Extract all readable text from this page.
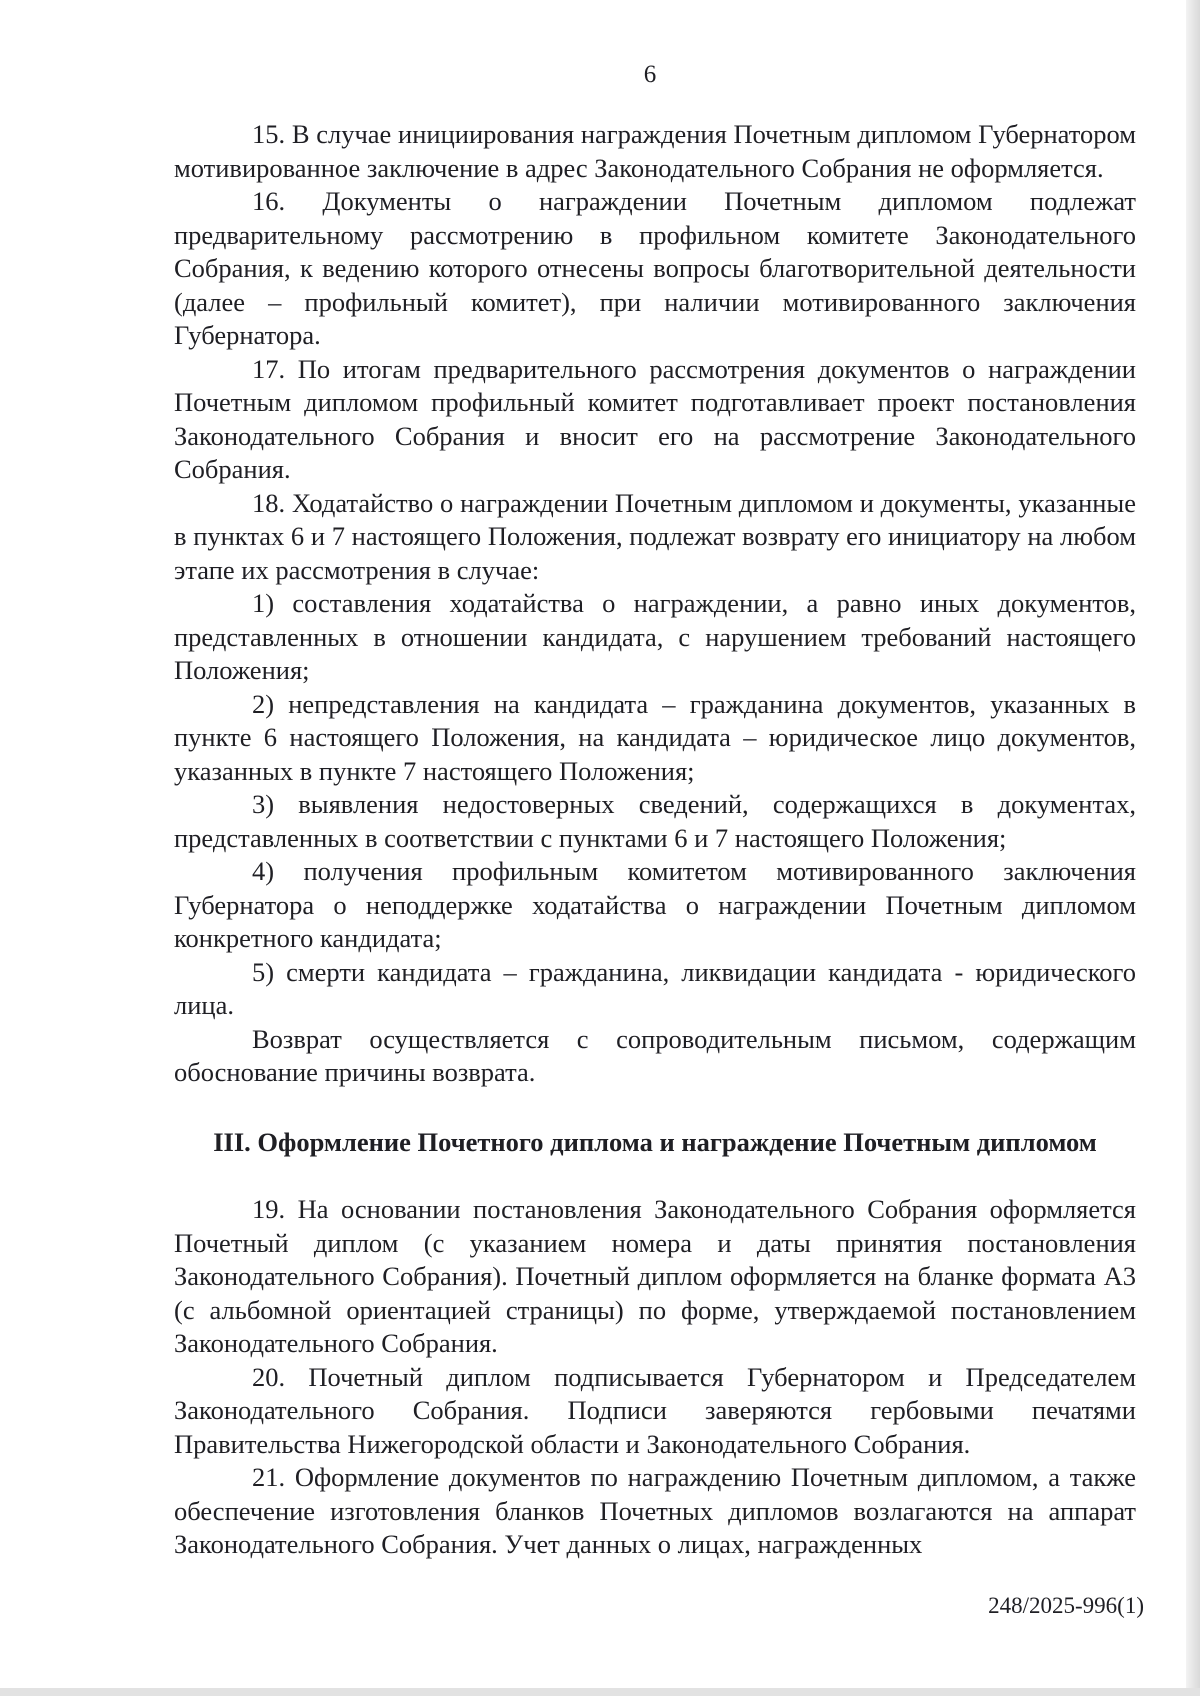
6

15. В случае инициирования награждения Почетным дипломом Губернатором мотивированное заключение в адрес Законодательного Собрания не оформляется.

16. Документы о награждении Почетным дипломом подлежат предварительному рассмотрению в профильном комитете Законодательного Собрания, к ведению которого отнесены вопросы благотворительной деятельности (далее – профильный комитет), при наличии мотивированного заключения Губернатора.

17. По итогам предварительного рассмотрения документов о награждении Почетным дипломом профильный комитет подготавливает проект постановления Законодательного Собрания и вносит его на рассмотрение Законодательного Собрания.

18. Ходатайство о награждении Почетным дипломом и документы, указанные в пунктах 6 и 7 настоящего Положения, подлежат возврату его инициатору на любом этапе их рассмотрения в случае:

1) составления ходатайства о награждении, а равно иных документов, представленных в отношении кандидата, с нарушением требований настоящего Положения;

2) непредставления на кандидата – гражданина документов, указанных в пункте 6 настоящего Положения, на кандидата – юридическое лицо документов, указанных в пункте 7 настоящего Положения;

3) выявления недостоверных сведений, содержащихся в документах, представленных в соответствии с пунктами 6 и 7 настоящего Положения;

4) получения профильным комитетом мотивированного заключения Губернатора о неподдержке ходатайства о награждении Почетным дипломом конкретного кандидата;

5) смерти кандидата – гражданина, ликвидации кандидата - юридического лица.

Возврат осуществляется с сопроводительным письмом, содержащим обоснование причины возврата.

III. Оформление Почетного диплома и награждение Почетным дипломом

19. На основании постановления Законодательного Собрания оформляется Почетный диплом (с указанием номера и даты принятия постановления Законодательного Собрания). Почетный диплом оформляется на бланке формата А3 (с альбомной ориентацией страницы) по форме, утверждаемой постановлением Законодательного Собрания.

20. Почетный диплом подписывается Губернатором и Председателем Законодательного Собрания. Подписи заверяются гербовыми печатями Правительства Нижегородской области и Законодательного Собрания.

21. Оформление документов по награждению Почетным дипломом, а также обеспечение изготовления бланков Почетных дипломов возлагаются на аппарат Законодательного Собрания. Учет данных о лицах, награжденных

248/2025-996(1)
